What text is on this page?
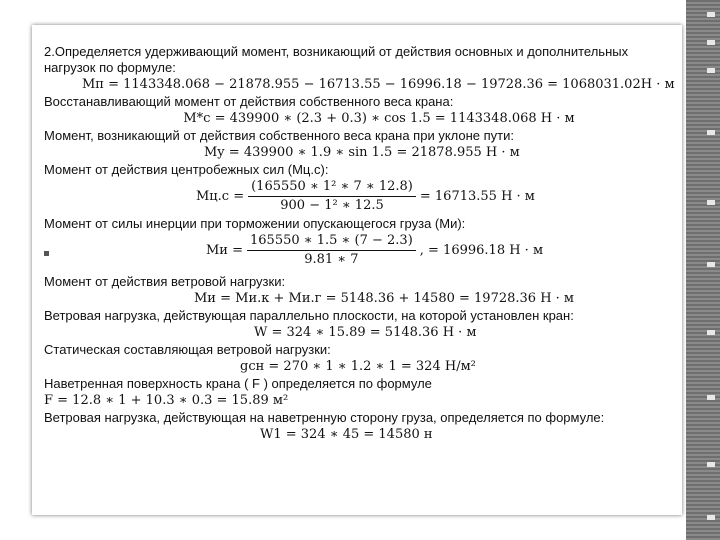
2.Определяется удерживающий момент, возникающий от действия основных и дополнительных нагрузок по формуле:

Mп = 1143348.068 − 21878.955 − 16713.55 − 16996.18 − 19728.36 = 1068031.02Н · м

Восстанавливающий момент от действия собственного веса крана:

M*c = 439900 ∗ (2.3 + 0.3) ∗ cos 1.5 = 1143348.068 Н · м

Момент, возникающий от действия собственного веса крана при уклоне пути:

My = 439900 ∗ 1.9 ∗ sin 1.5 = 21878.955 Н · м

Момент от действия центробежных сил (Mц.с):

$Mц.с = \frac{\text{(165550 ∗ 1² ∗ 7 ∗ 12.8)}}{\text{900 − 1² ∗ 12.5}} = 16713.55$ Н · м

Момент от силы инерции при торможении опускающегося груза (Mи):

Mи = $\frac{165550 ∗ 1.5 ∗ (7 - 2.3)}{9.81 ∗ 7}$ , = 16996.18 Н · м

Момент от действия ветровой нагрузки:

Mи = Mи.к + Mи.г = 5148.36 + 14580 = 19728.36 Н · м

Ветровая нагрузка, действующая параллельно плоскости, на которой установлен кран:

W = 324 ∗ 15.89 = 5148.36 Н · м

Статическая составляющая ветровой нагрузки:

gcн = 270 ∗ 1 ∗ 1.2 ∗ 1 = 324 Н/м²

Наветренная поверхность крана ( F ) определяется по формуле

F = 12.8 ∗ 1 + 10.3 ∗ 0.3 = 15.89 м²

Ветровая нагрузка, действующая на наветренную сторону груза, определяется по формуле:

W1 = 324 ∗ 45 = 14580 н
